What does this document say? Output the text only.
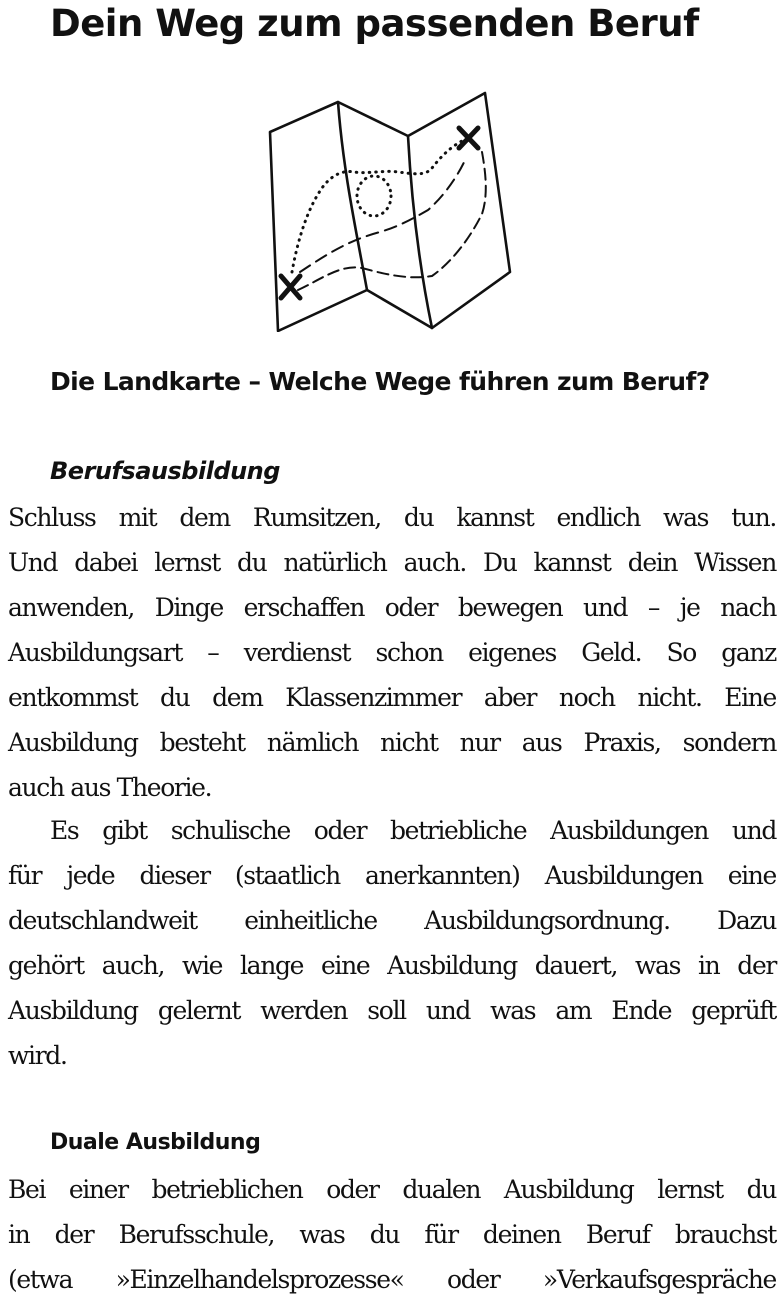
Dein Weg zum passenden Beruf
Die Landkarte – Welche Wege führen zum Beruf?
Berufsausbildung
Schluss mit dem Rumsitzen, du kannst endlich was tun.
Und dabei lernst du natürlich auch. Du kannst dein Wissen
anwenden, Dinge erschaffen oder bewegen und – je nach
Ausbildungsart – verdienst schon eigenes Geld. So ganz
entkommst du dem Klassenzimmer aber noch nicht. Eine
Ausbildung besteht nämlich nicht nur aus Praxis, sondern
auch aus Theorie.
Es gibt schulische oder betriebliche Ausbildungen und
für jede dieser (staatlich anerkannten) Ausbildungen eine
deutschlandweit einheitliche Ausbildungsordnung. Dazu
gehört auch, wie lange eine Ausbildung dauert, was in der
Ausbildung gelernt werden soll und was am Ende geprüft
wird.
Duale Ausbildung
Bei einer betrieblichen oder dualen Ausbildung lernst du
in der Berufsschule, was du für deinen Beruf brauchst
(etwa »Einzelhandelsprozesse« oder »Verkaufsgespräche
